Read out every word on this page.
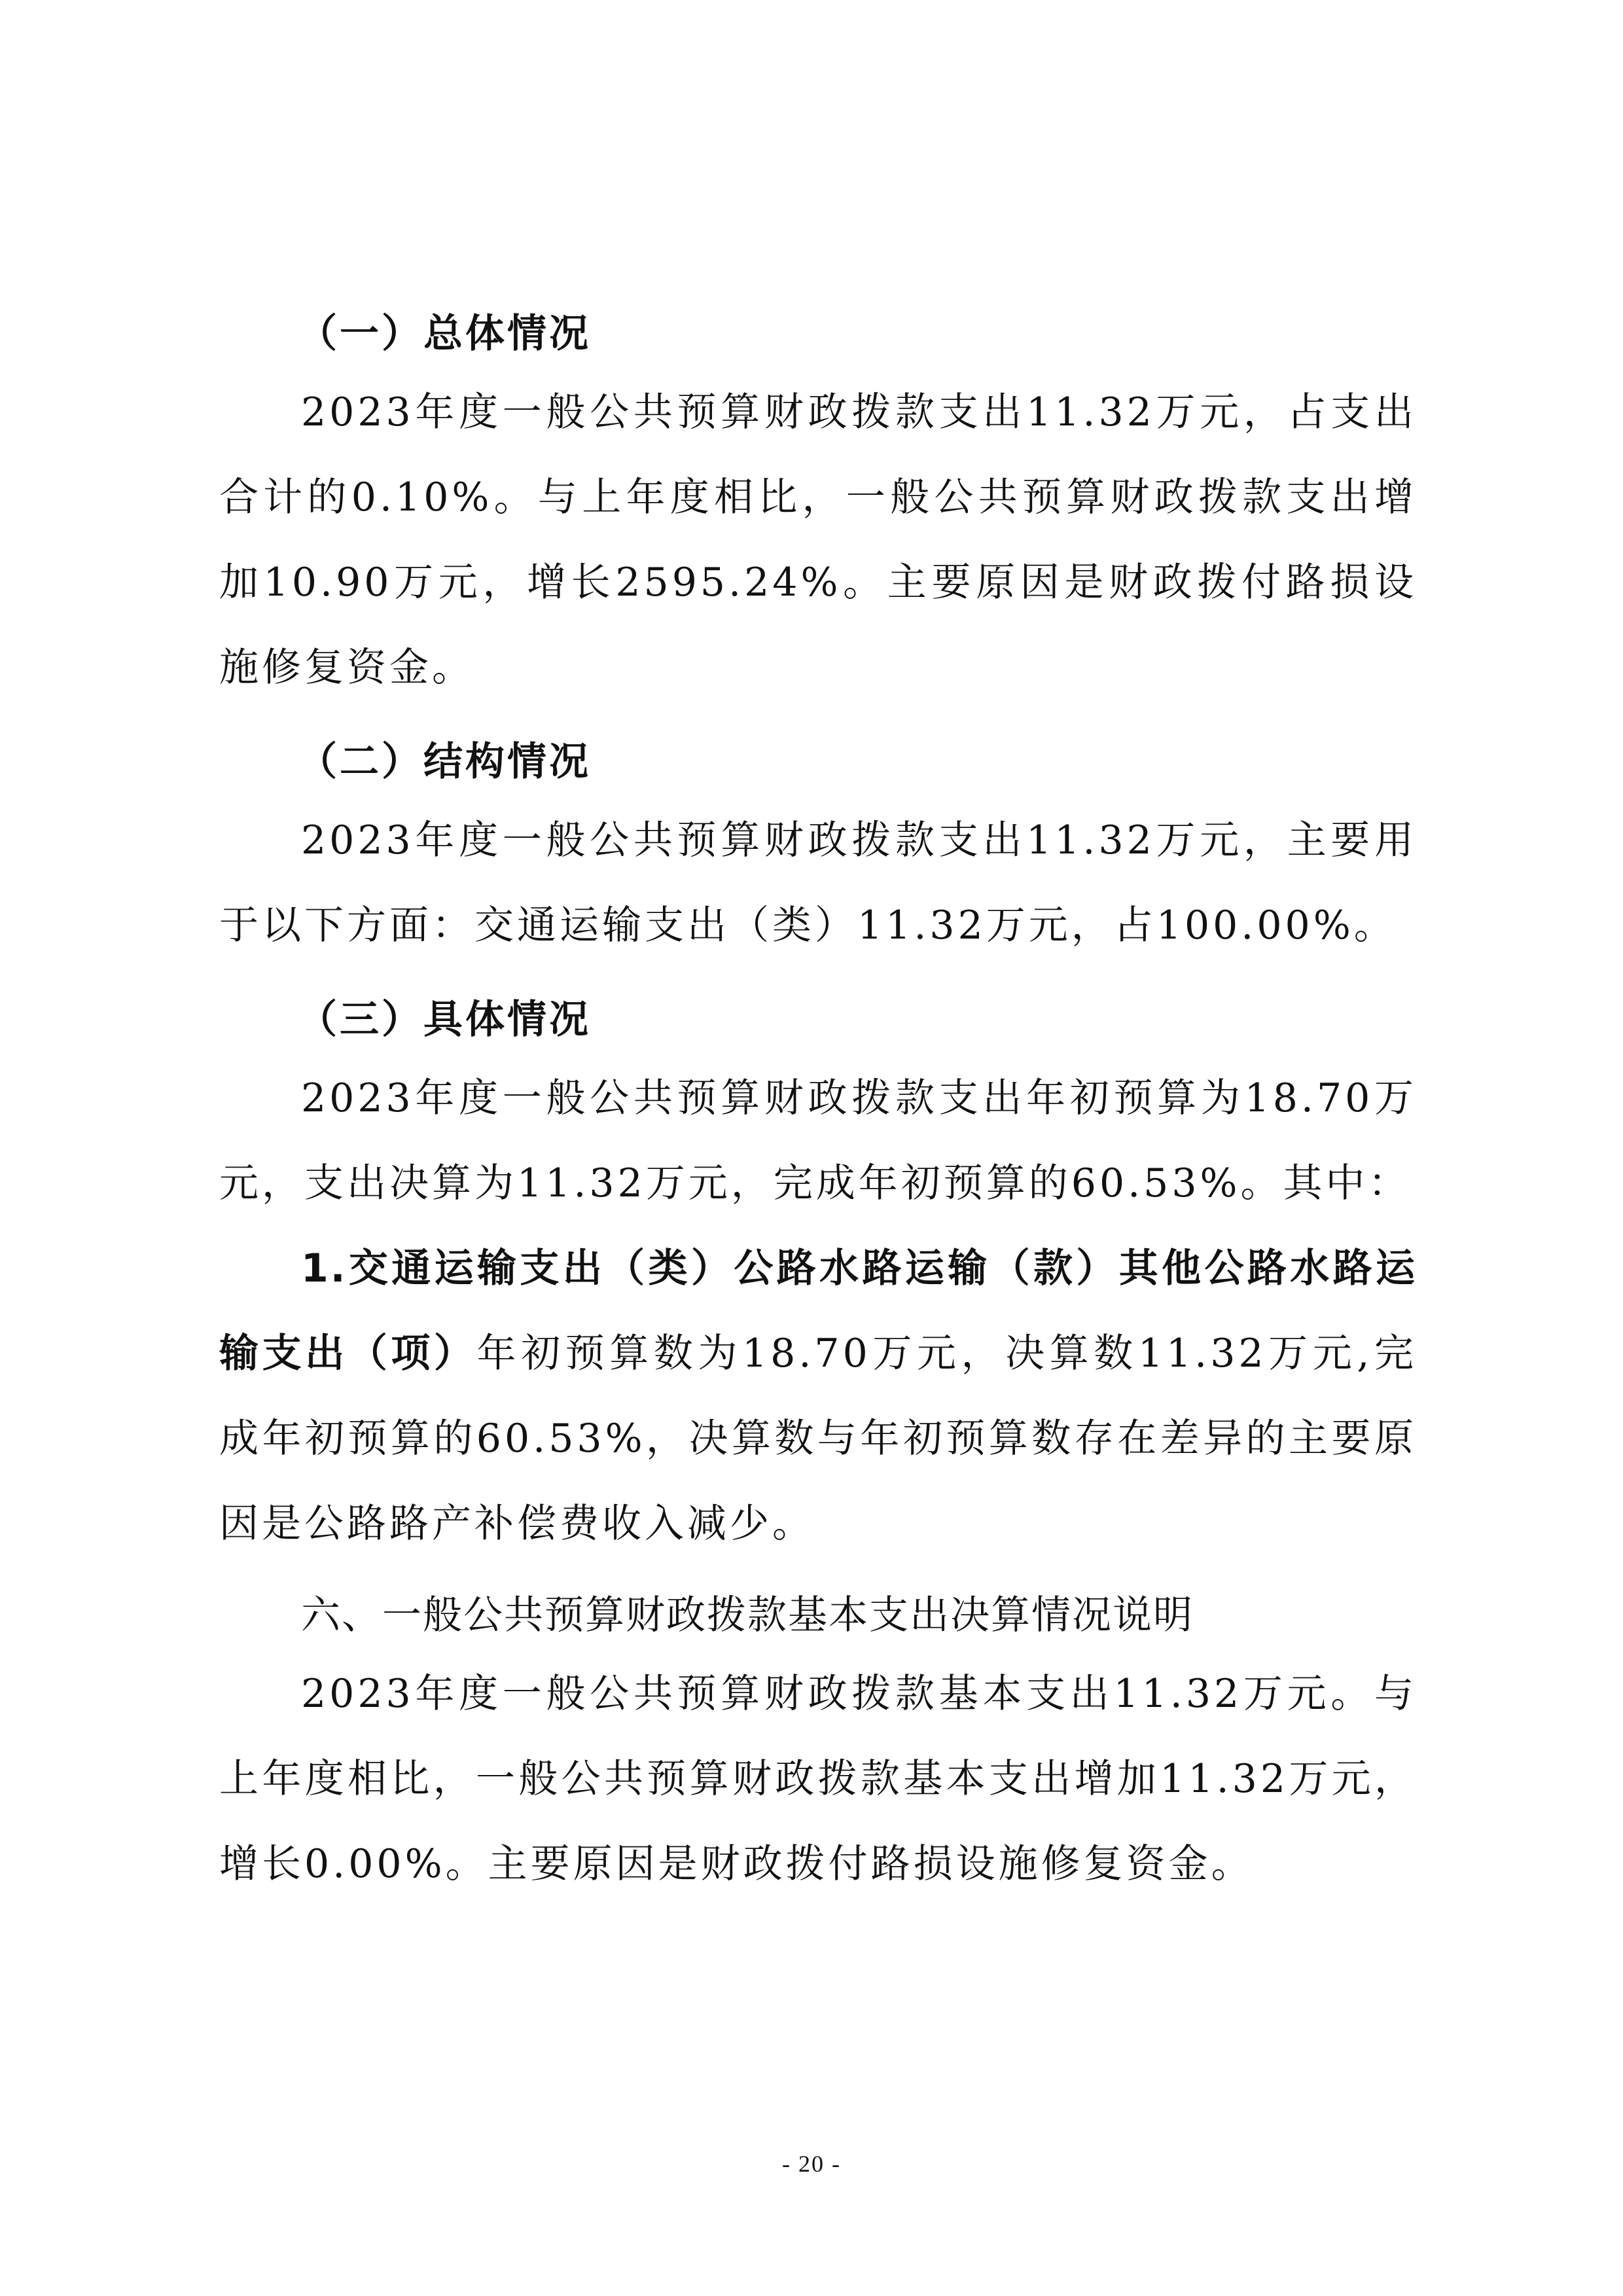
（一）总体情况

2023年度一般公共预算财政拨款支出11.32万元，占支出合计的0.10%。与上年度相比，一般公共预算财政拨款支出增加10.90万元，增长2595.24%。主要原因是财政拨付路损设施修复资金。

（二）结构情况

2023年度一般公共预算财政拨款支出11.32万元，主要用于以下方面：交通运输支出（类）11.32万元，占100.00%。

（三）具体情况

2023年度一般公共预算财政拨款支出年初预算为18.70万元，支出决算为11.32万元，完成年初预算的60.53%。其中：

1.交通运输支出（类）公路水路运输（款）其他公路水路运输支出（项）年初预算数为18.70万元，决算数11.32万元,完成年初预算的60.53%，决算数与年初预算数存在差异的主要原因是公路路产补偿费收入减少。

六、一般公共预算财政拨款基本支出决算情况说明

2023年度一般公共预算财政拨款基本支出11.32万元。与上年度相比，一般公共预算财政拨款基本支出增加11.32万元，增长0.00%。主要原因是财政拨付路损设施修复资金。

- 20 -
